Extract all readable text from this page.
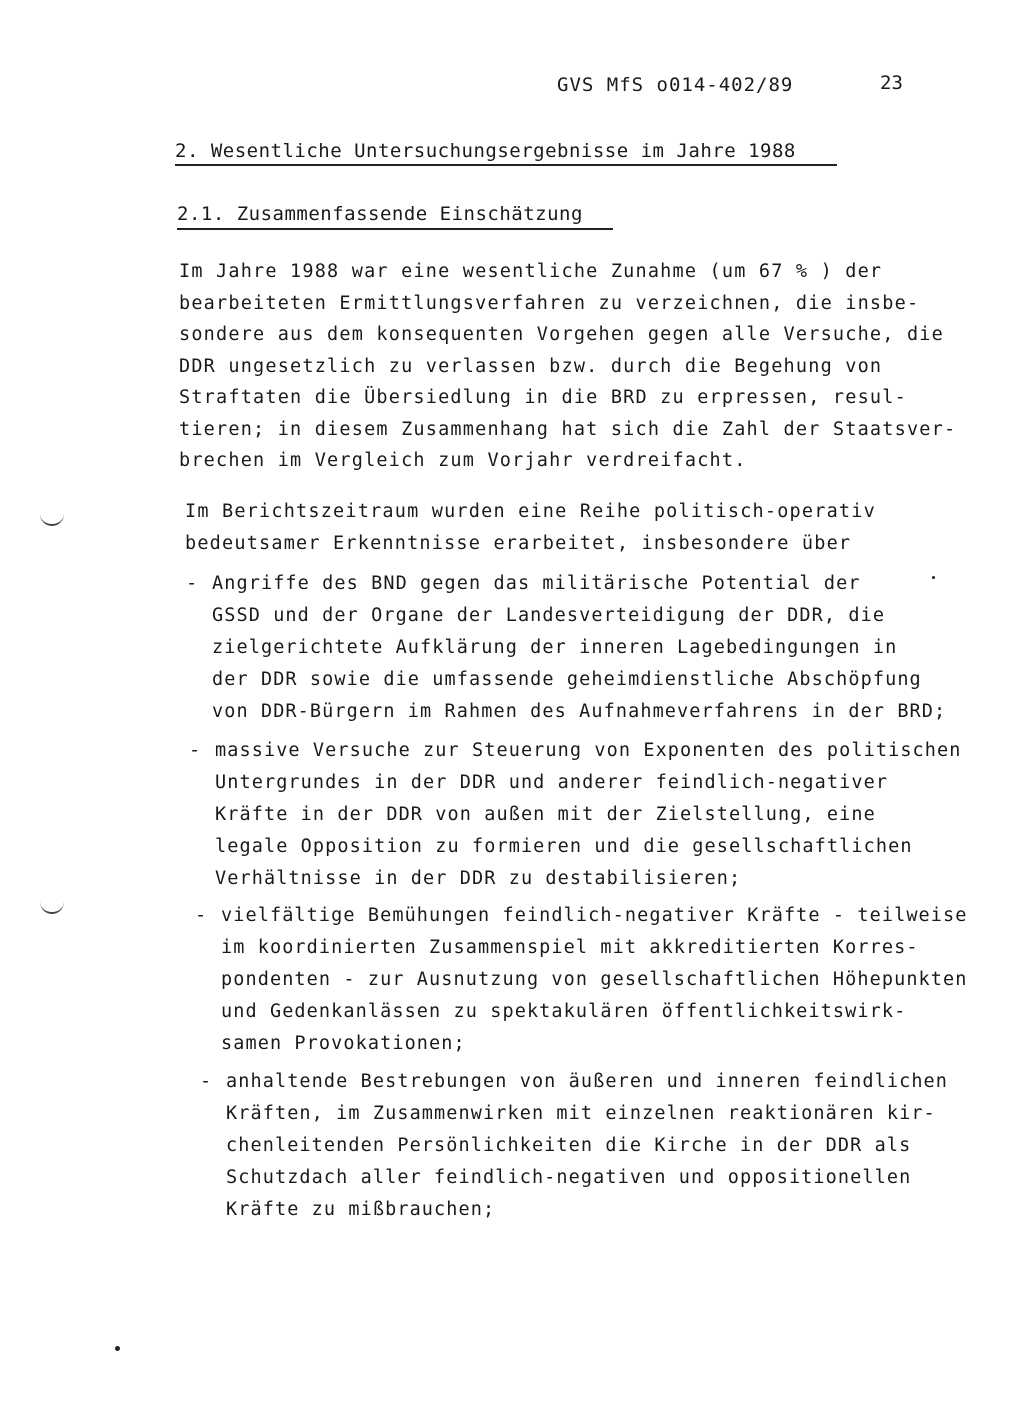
GVS MfS o014-402/89	23
2. Wesentliche Untersuchungsergebnisse im Jahre 1988
2.1. Zusammenfassende Einschätzung
Im Jahre 1988 war eine wesentliche Zunahme (um 67 % ) der
bearbeiteten Ermittlungsverfahren zu verzeichnen, die insbe-
sondere aus dem konsequenten Vorgehen gegen alle Versuche, die
DDR ungesetzlich zu verlassen bzw. durch die Begehung von
Straftaten die Übersiedlung in die BRD zu erpressen, resul-
tieren; in diesem Zusammenhang hat sich die Zahl der Staatsver-
brechen im Vergleich zum Vorjahr verdreifacht.
Im Berichtszeitraum wurden eine Reihe politisch-operativ
bedeutsamer Erkenntnisse erarbeitet, insbesondere über
- Angriffe des BND gegen das militärische Potential der
GSSD und der Organe der Landesverteidigung der DDR, die
zielgerichtete Aufklärung der inneren Lagebedingungen in
der DDR sowie die umfassende geheimdienstliche Abschöpfung
von DDR-Bürgern im Rahmen des Aufnahmeverfahrens in der BRD;
- massive Versuche zur Steuerung von Exponenten des politischen
Untergrundes in der DDR und anderer feindlich-negativer
Kräfte in der DDR von außen mit der Zielstellung, eine
legale Opposition zu formieren und die gesellschaftlichen
Verhältnisse in der DDR zu destabilisieren;
- vielfältige Bemühungen feindlich-negativer Kräfte - teilweise
im koordinierten Zusammenspiel mit akkreditierten Korres-
pondenten - zur Ausnutzung von gesellschaftlichen Höhepunkten
und Gedenkanlässen zu spektakulären öffentlichkeitswirk-
samen Provokationen;
- anhaltende Bestrebungen von äußeren und inneren feindlichen
Kräften, im Zusammenwirken mit einzelnen reaktionären kir-
chenleitenden Persönlichkeiten die Kirche in der DDR als
Schutzdach aller feindlich-negativen und oppositionellen
Kräfte zu mißbrauchen;
